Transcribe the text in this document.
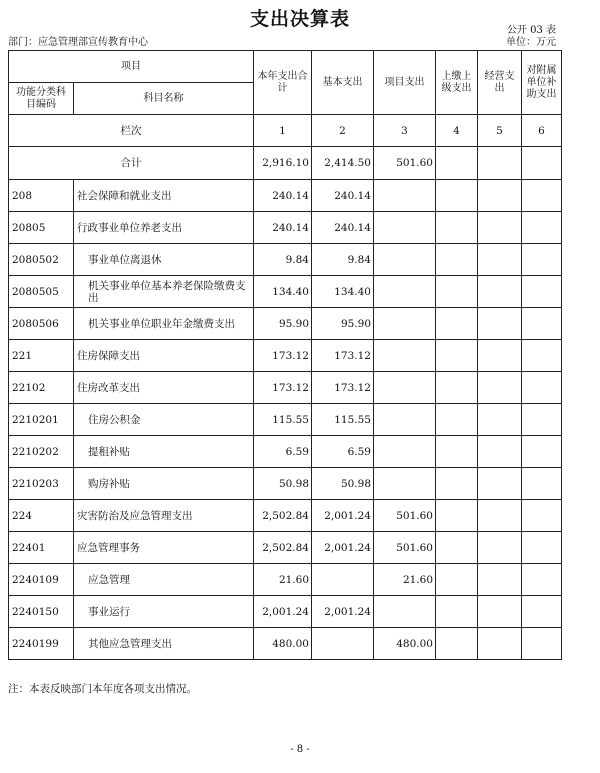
支出决算表
公开 03 表
部门：应急管理部宣传教育中心	单位：万元
项目		本年支出合计	基本支出	项目支出	上缴上级支出	经营支出	对附属单位补助支出
功能分类科目编码	科目名称						
栏次		1	2	3	4	5	6
合计		2,916.10	2,414.50	501.60			
208	社会保障和就业支出	240.14	240.14				
20805	行政事业单位养老支出	240.14	240.14				
2080502	事业单位离退休	9.84	9.84				
2080505	机关事业单位基本养老保险缴费支出	134.40	134.40				
2080506	机关事业单位职业年金缴费支出	95.90	95.90				
221	住房保障支出	173.12	173.12				
22102	住房改革支出	173.12	173.12				
2210201	住房公积金	115.55	115.55				
2210202	提租补贴	6.59	6.59				
2210203	购房补贴	50.98	50.98				
224	灾害防治及应急管理支出	2,502.84	2,001.24	501.60			
22401	应急管理事务	2,502.84	2,001.24	501.60			
2240109	应急管理	21.60		21.60			
2240150	事业运行	2,001.24	2,001.24				
2240199	其他应急管理支出	480.00		480.00			
注：本表反映部门本年度各项支出情况。
- 8 -
